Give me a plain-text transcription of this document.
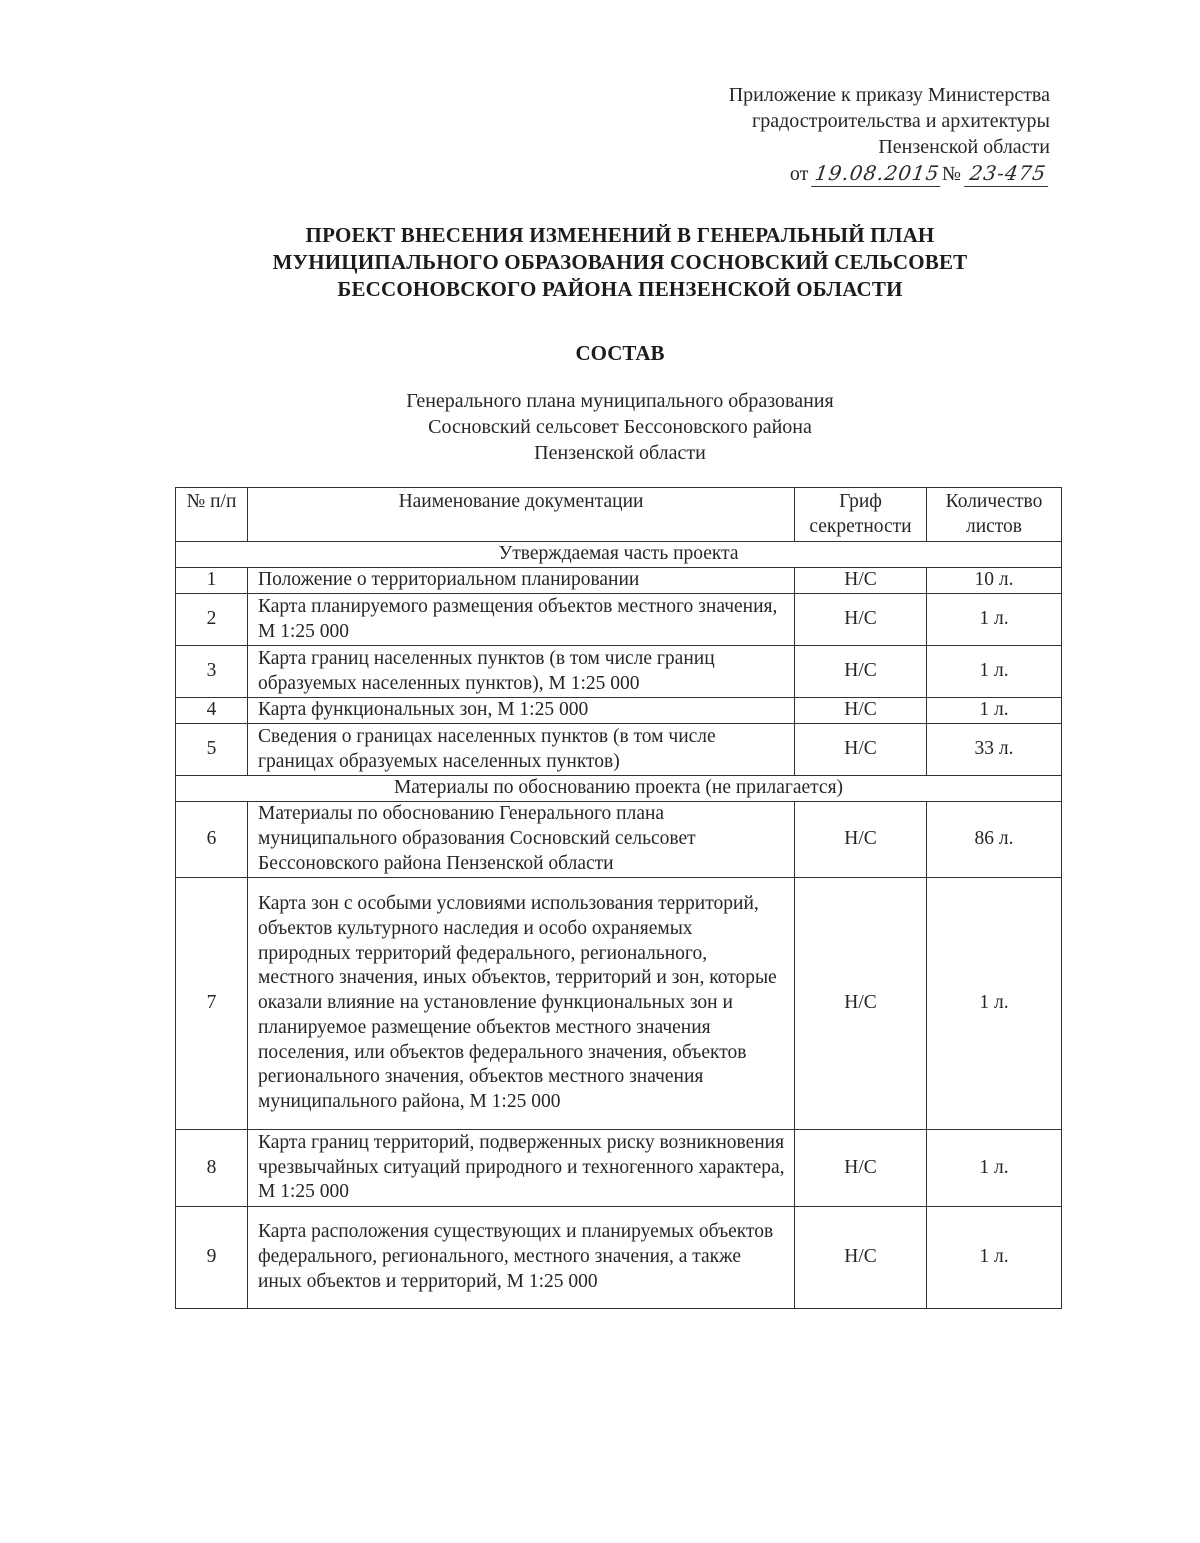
Приложение к приказу Министерства
градостроительства и архитектуры
Пензенской области
от 19.08.2015№ 23-475
ПРОЕКТ ВНЕСЕНИЯ ИЗМЕНЕНИЙ В ГЕНЕРАЛЬНЫЙ ПЛАН
МУНИЦИПАЛЬНОГО ОБРАЗОВАНИЯ СОСНОВСКИЙ СЕЛЬСОВЕТ
БЕССОНОВСКОГО РАЙОНА ПЕНЗЕНСКОЙ ОБЛАСТИ
СОСТАВ
Генерального плана муниципального образования
Сосновский сельсовет Бессоновского района
Пензенской области
№ п/п	Наименование документации	Гриф секретности	Количество листов
Утверждаемая часть проекта			
1	Положение о территориальном планировании	Н/С	10 л.
2	Карта планируемого размещения объектов местного значения, М 1:25 000	Н/С	1 л.
3	Карта границ населенных пунктов (в том числе границ образуемых населенных пунктов), М 1:25 000	Н/С	1 л.
4	Карта функциональных зон, М 1:25 000	Н/С	1 л.
5	Сведения о границах населенных пунктов (в том числе границах образуемых населенных пунктов)	Н/С	33 л.
Материалы по обоснованию проекта (не прилагается)			
6	Материалы по обоснованию Генерального плана муниципального образования Сосновский сельсовет Бессоновского района Пензенской области	Н/С	86 л.
7	Карта зон с особыми условиями использования территорий, объектов культурного наследия и особо охраняемых природных территорий федерального, регионального, местного значения, иных объектов, территорий и зон, которые оказали влияние на установление функциональных зон и планируемое размещение объектов местного значения поселения, или объектов федерального значения, объектов регионального значения, объектов местного значения муниципального района, М 1:25 000	Н/С	1 л.
8	Карта границ территорий, подверженных риску возникновения чрезвычайных ситуаций природного и техногенного характера, М 1:25 000	Н/С	1 л.
9	Карта расположения существующих и планируемых объектов федерального, регионального, местного значения, а также иных объектов и территорий, М 1:25 000	Н/С	1 л.
